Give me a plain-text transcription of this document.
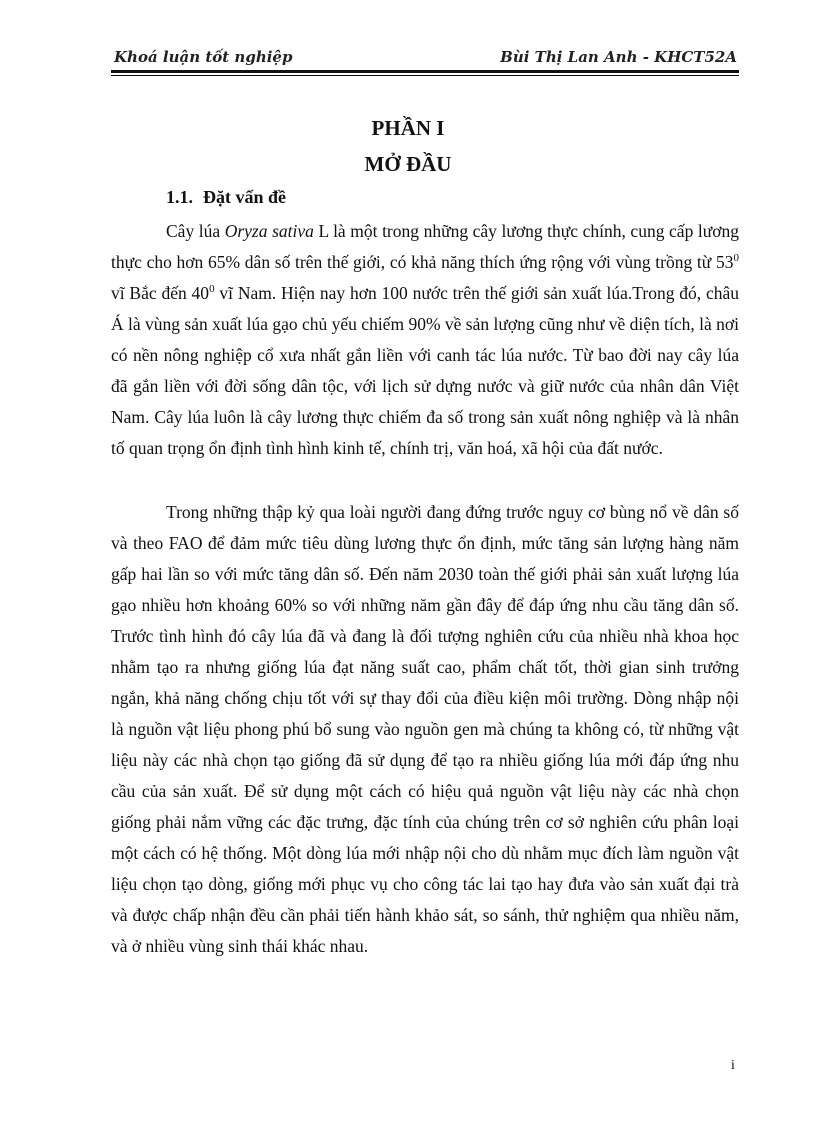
Khoá luận tốt nghiệp	Bùi Thị Lan Anh - KHCT52A
PHẦN I
MỞ ĐẦU
1.1. Đặt vấn đề

Cây lúa Oryza sativa L là một trong những cây lương thực chính, cung cấp lương thực cho hơn 65% dân số trên thế giới, có khả năng thích ứng rộng với vùng trồng từ $53^0$ vĩ Bắc đến $40^0$ vĩ Nam. Hiện nay hơn 100 nước trên thế giới sản xuất lúa.Trong đó, châu Á là vùng sản xuất lúa gạo chủ yếu chiếm 90% về sản lượng cũng như về diện tích, là nơi có nền nông nghiệp cổ xưa nhất gắn liền với canh tác lúa nước. Từ bao đời nay cây lúa đã gắn liền với đời sống dân tộc, với lịch sử dựng nước và giữ nước của nhân dân Việt Nam. Cây lúa luôn là cây lương thực chiếm đa số trong sản xuất nông nghiệp và là nhân tố quan trọng ổn định tình hình kinh tế, chính trị, văn hoá, xã hội của đất nước.

Trong những thập kỷ qua loài người đang đứng trước nguy cơ bùng nổ về dân số và theo FAO để đảm mức tiêu dùng lương thực ổn định, mức tăng sản lượng hàng năm gấp hai lần so với mức tăng dân số. Đến năm 2030 toàn thế giới phải sản xuất lượng lúa gạo nhiều hơn khoảng 60% so với những năm gần đây để đáp ứng nhu cầu tăng dân số. Trước tình hình đó cây lúa đã và đang là đối tượng nghiên cứu của nhiều nhà khoa học nhằm tạo ra nhưng giống lúa đạt năng suất cao, phẩm chất tốt, thời gian sinh trưởng ngắn, khả năng chống chịu tốt với sự thay đổi của điều kiện môi trường. Dòng nhập nội là nguồn vật liệu phong phú bổ sung vào nguồn gen mà chúng ta không có, từ những vật liệu này các nhà chọn tạo giống đã sử dụng để tạo ra nhiều giống lúa mới đáp ứng nhu cầu của sản xuất. Để sử dụng một cách có hiệu quả nguồn vật liệu này các nhà chọn giống phải nắm vững các đặc trưng, đặc tính của chúng trên cơ sở nghiên cứu phân loại một cách có hệ thống. Một dòng lúa mới nhập nội cho dù nhằm mục đích làm nguồn vật liệu chọn tạo dòng, giống mới phục vụ cho công tác lai tạo hay đưa vào sản xuất đại trà và được chấp nhận đều cần phải tiến hành khảo sát, so sánh, thử nghiệm qua nhiều năm, và ở nhiều vùng sinh thái khác nhau.

i
